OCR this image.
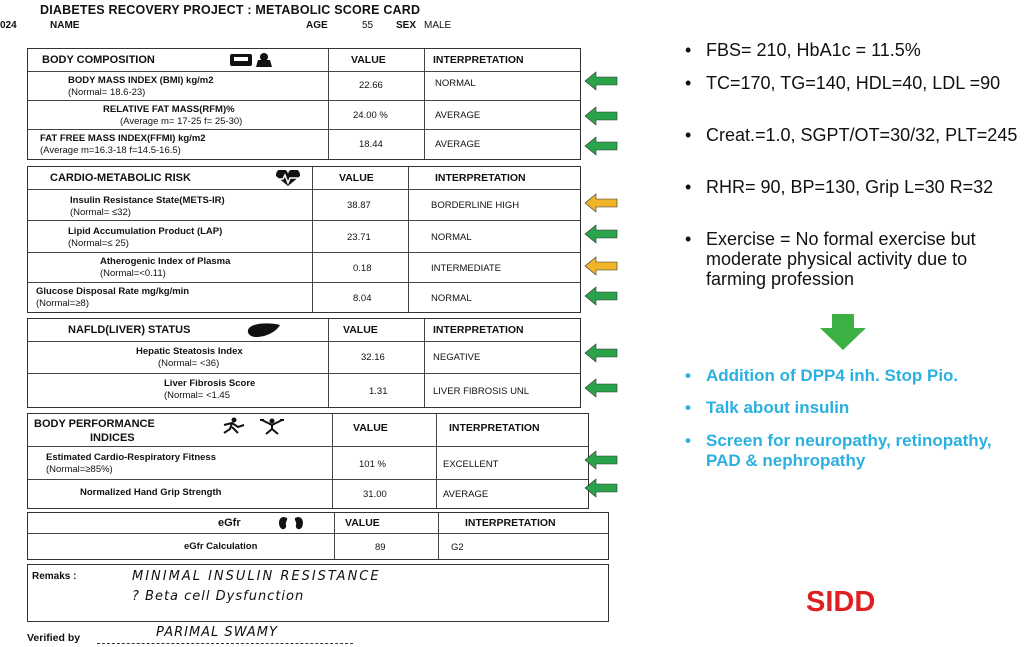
DIABETES RECOVERY PROJECT : METABOLIC SCORE CARD
024	NAME	AGE	55 SEX MALE
BODY COMPOSITION	VALUE	INTERPRETATION
BODY MASS INDEX (BMI) kg/m2
(Normal= 18.6-23)
22.66	NORMAL
RELATIVE FAT MASS(RFM)%
(Average m= 17-25 f= 25-30)
24.00 %	AVERAGE
FAT FREE MASS INDEX(FFMI) kg/m2
(Average m=16.3-18 f=14.5-16.5)
18.44	AVERAGE
CARDIO-METABOLIC RISK	VALUE	INTERPRETATION
Insulin Resistance State(METS-IR)
(Normal= ≤32)
38.87	BORDERLINE HIGH
Lipid Accumulation Product (LAP)
(Normal=≤ 25)
23.71	NORMAL
Atherogenic Index of Plasma
(Normal=<0.11)	0.18	INTERMEDIATE
Glucose Disposal Rate mg/kg/min
(Normal=≥8)	8.04	NORMAL
NAFLD(LIVER) STATUS	VALUE	INTERPRETATION
Hepatic Steatosis Index
(Normal= <36)
32.16	NEGATIVE
Liver Fibrosis Score
(Normal= <1.45	1.31	LIVER FIBROSIS UNL
BODY PERFORMANCE
INDICES
VALUE	INTERPRETATION
Estimated Cardio-Respiratory Fitness
(Normal=≥85%)	101 %	EXCELLENT
Normalized Hand Grip Strength	31.00	AVERAGE
eGfr	VALUE	INTERPRETATION
eGfr Calculation	89	G2
Remaks :	MINIMAL INSULIN RESISTANCE
? Beta cell Dysfunction
Verified by	PARIMAL SWAMY
• FBS= 210, HbA1c = 11.5%
• TC=170, TG=140, HDL=40, LDL =90
• Creat.=1.0, SGPT/OT=30/32, PLT=245
• RHR= 90, BP=130, Grip L=30 R=32
• Exercise = No formal exercise but moderate physical activity due to farming profession
• Addition of DPP4 inh. Stop Pio.
• Talk about insulin
• Screen for neuropathy, retinopathy, PAD & nephropathy
SIDD
